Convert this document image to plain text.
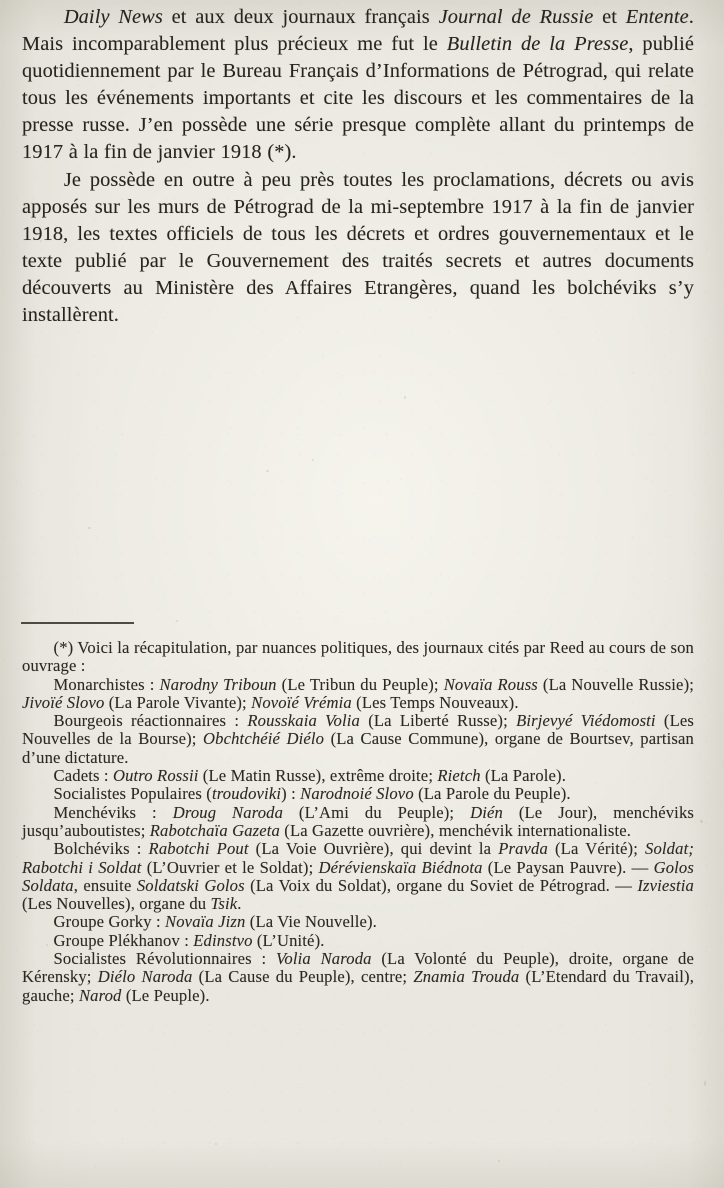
Daily News et aux deux journaux français Journal de Russie et Entente. Mais incomparablement plus précieux me fut le Bulletin de la Presse, publié quotidiennement par le Bureau Français d’Informations de Pétrograd, qui relate tous les événements importants et cite les discours et les commentaires de la presse russe. J’en possède une série presque complète allant du printemps de 1917 à la fin de janvier 1918 (*).

Je possède en outre à peu près toutes les proclamations, décrets ou avis apposés sur les murs de Pétrograd de la mi-septembre 1917 à la fin de janvier 1918, les textes officiels de tous les décrets et ordres gouvernementaux et le texte publié par le Gouvernement des traités secrets et autres documents découverts au Ministère des Affaires Etrangères, quand les bolchéviks s’y installèrent.

(*) Voici la récapitulation, par nuances politiques, des journaux cités par Reed au cours de son ouvrage :

Monarchistes : Narodny Triboun (Le Tribun du Peuple); Novaïa Rouss (La Nouvelle Russie); Jivoïé Slovo (La Parole Vivante); Novoïé Vrémia (Les Temps Nouveaux).

Bourgeois réactionnaires : Rousskaia Volia (La Liberté Russe); Birjevyé Viédomosti (Les Nouvelles de la Bourse); Obchtchéié Diélo (La Cause Commune), organe de Bourtsev, partisan d’une dictature.

Cadets : Outro Rossii (Le Matin Russe), extrême droite; Rietch (La Parole).

Socialistes Populaires (troudoviki) : Narodnoié Slovo (La Parole du Peuple).

Menchéviks : Droug Naroda (L’Ami du Peuple); Dién (Le Jour), menchéviks jusqu’auboutistes; Rabotchaïa Gazeta (La Gazette ouvrière), menchévik internationaliste.

Bolchéviks : Rabotchi Pout (La Voie Ouvrière), qui devint la Pravda (La Vérité); Soldat; Rabotchi i Soldat (L’Ouvrier et le Soldat); Dérévienskaïa Biédnota (Le Paysan Pauvre). — Golos Soldata, ensuite Soldatski Golos (La Voix du Soldat), organe du Soviet de Pétrograd. — Izviestia (Les Nouvelles), organe du Tsik.

Groupe Gorky : Novaïa Jizn (La Vie Nouvelle).

Groupe Plékhanov : Edinstvo (L’Unité).

Socialistes Révolutionnaires : Volia Naroda (La Volonté du Peuple), droite, organe de Kérensky; Diélo Naroda (La Cause du Peuple), centre; Znamia Trouda (L’Etendard du Travail), gauche; Narod (Le Peuple).
